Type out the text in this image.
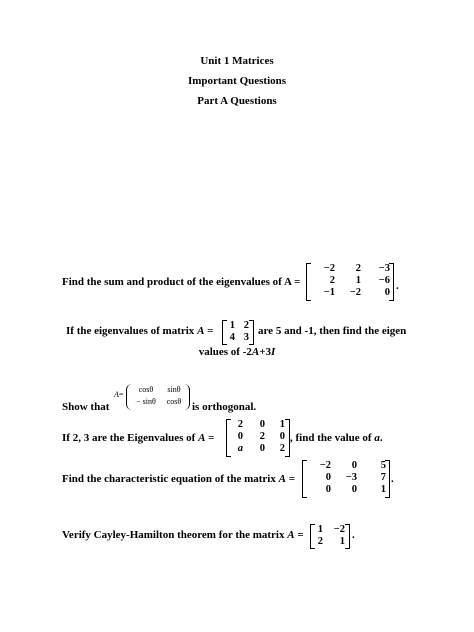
Unit 1 Matrices
Important Questions
Part A Questions
Find the sum and product of the eigenvalues of A =
−2	2	−3
2	1	−6
−1	−2	0
.
If the eigenvalues of matrix A = 1	2
4	3
are 5 and -1, then find the eigen
values of -2A+3I
A=
cosθ	sinθ
− sinθ	cosθ
Show that	is orthogonal.
If 2, 3 are the Eigenvalues of A =
2	0	1
0	2	0
a	0	2
, find the value of a.
Find the characteristic equation of the matrix A =
−2	0	5
0	−3	7
0	0	1
.
Verify Cayley-Hamilton theorem for the matrix A = 1	−2
2	1
.
